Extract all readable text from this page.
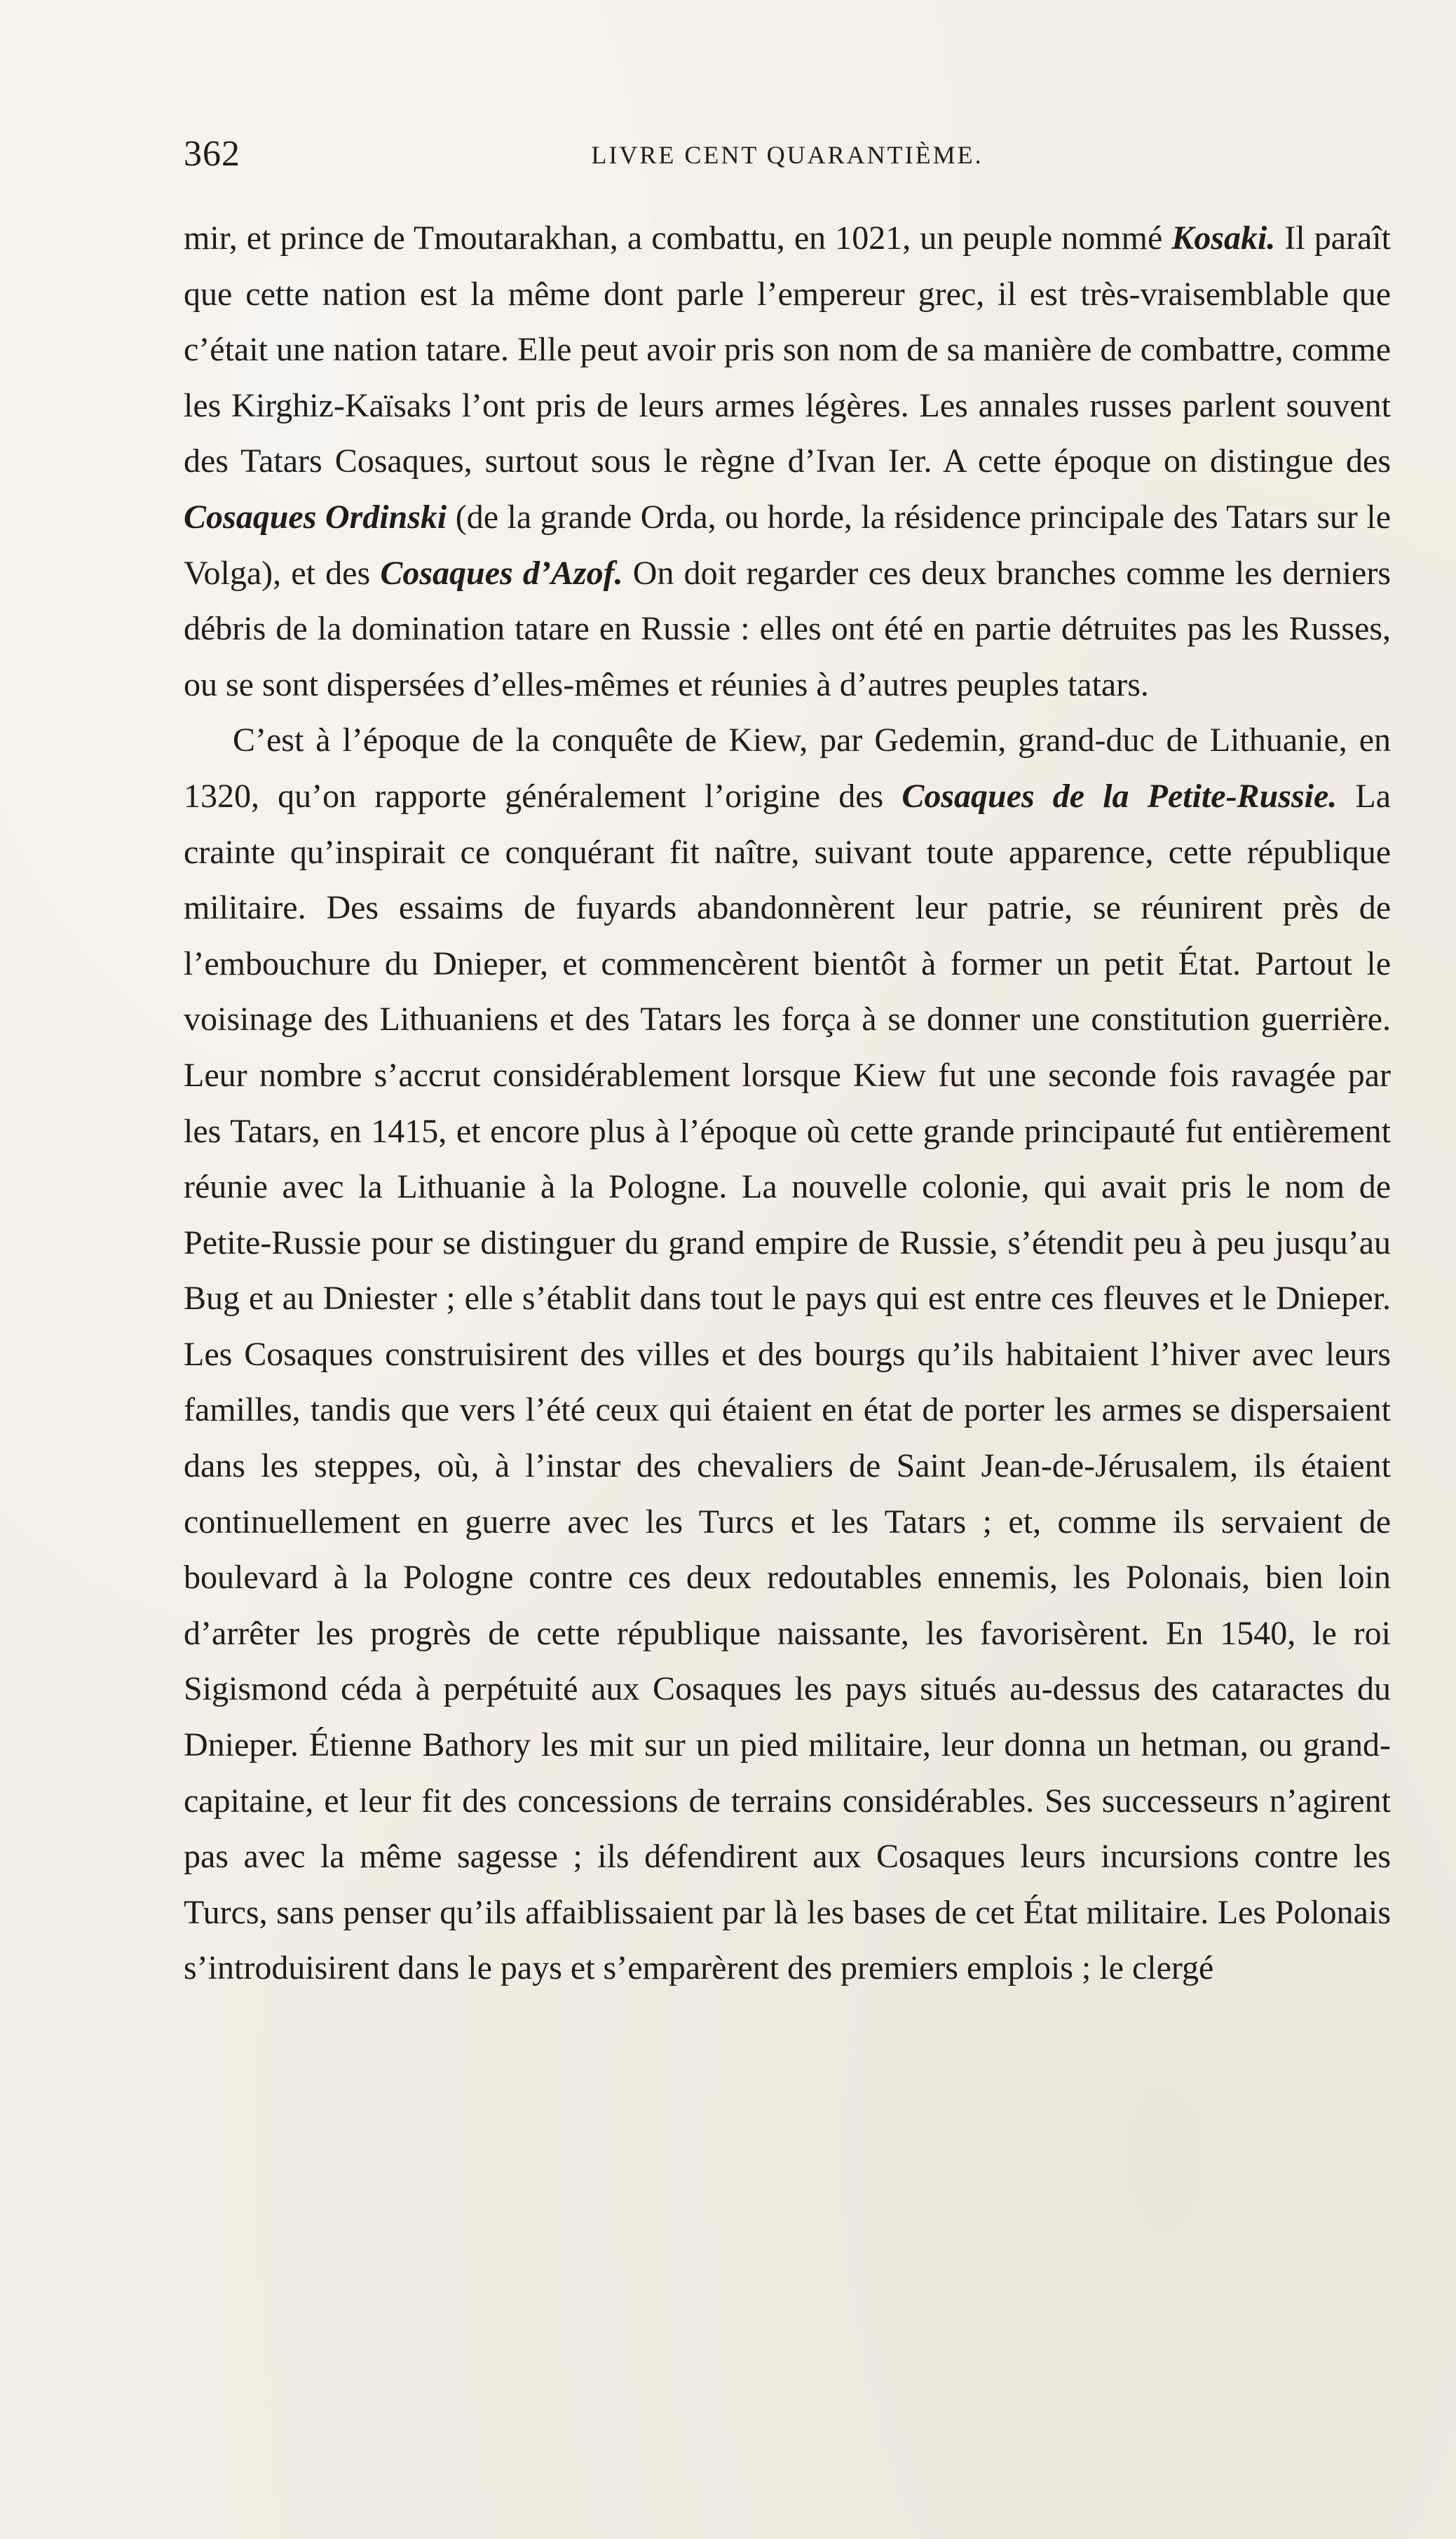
362	LIVRE CENT QUARANTIÈME.

mir, et prince de Tmoutarakhan, a combattu, en 1021, un peuple nommé Kosaki. Il paraît que cette nation est la même dont parle l’empereur grec, il est très-vraisemblable que c’était une nation tatare. Elle peut avoir pris son nom de sa manière de combattre, comme les Kirghiz-Kaïsaks l’ont pris de leurs armes légères. Les annales russes parlent souvent des Tatars Cosaques, surtout sous le règne d’Ivan Ier. A cette époque on distingue des Cosaques Ordinski (de la grande Orda, ou horde, la résidence principale des Tatars sur le Volga), et des Cosaques d’Azof. On doit regarder ces deux branches comme les derniers débris de la domination tatare en Russie : elles ont été en partie détruites pas les Russes, ou se sont dispersées d’elles-mêmes et réunies à d’autres peuples tatars.

C’est à l’époque de la conquête de Kiew, par Gedemin, grand-duc de Lithuanie, en 1320, qu’on rapporte généralement l’origine des Cosaques de la Petite-Russie. La crainte qu’inspirait ce conquérant fit naître, suivant toute apparence, cette république militaire. Des essaims de fuyards abandonnèrent leur patrie, se réunirent près de l’embouchure du Dnieper, et commencèrent bientôt à former un petit État. Partout le voisinage des Lithuaniens et des Tatars les força à se donner une constitution guerrière. Leur nombre s’accrut considérablement lorsque Kiew fut une seconde fois ravagée par les Tatars, en 1415, et encore plus à l’époque où cette grande principauté fut entièrement réunie avec la Lithuanie à la Pologne. La nouvelle colonie, qui avait pris le nom de Petite-Russie pour se distinguer du grand empire de Russie, s’étendit peu à peu jusqu’au Bug et au Dniester ; elle s’établit dans tout le pays qui est entre ces fleuves et le Dnieper. Les Cosaques construisirent des villes et des bourgs qu’ils habitaient l’hiver avec leurs familles, tandis que vers l’été ceux qui étaient en état de porter les armes se dispersaient dans les steppes, où, à l’instar des chevaliers de Saint Jean-de-Jérusalem, ils étaient continuellement en guerre avec les Turcs et les Tatars ; et, comme ils servaient de boulevard à la Pologne contre ces deux redoutables ennemis, les Polonais, bien loin d’arrêter les progrès de cette république naissante, les favorisèrent. En 1540, le roi Sigismond céda à perpétuité aux Cosaques les pays situés au-dessus des cataractes du Dnieper. Étienne Bathory les mit sur un pied militaire, leur donna un hetman, ou grand-capitaine, et leur fit des concessions de terrains considérables. Ses successeurs n’agirent pas avec la même sagesse ; ils défendirent aux Cosaques leurs incursions contre les Turcs, sans penser qu’ils affaiblissaient par là les bases de cet État militaire. Les Polonais s’introduisirent dans le pays et s’emparèrent des premiers emplois ; le clergé
